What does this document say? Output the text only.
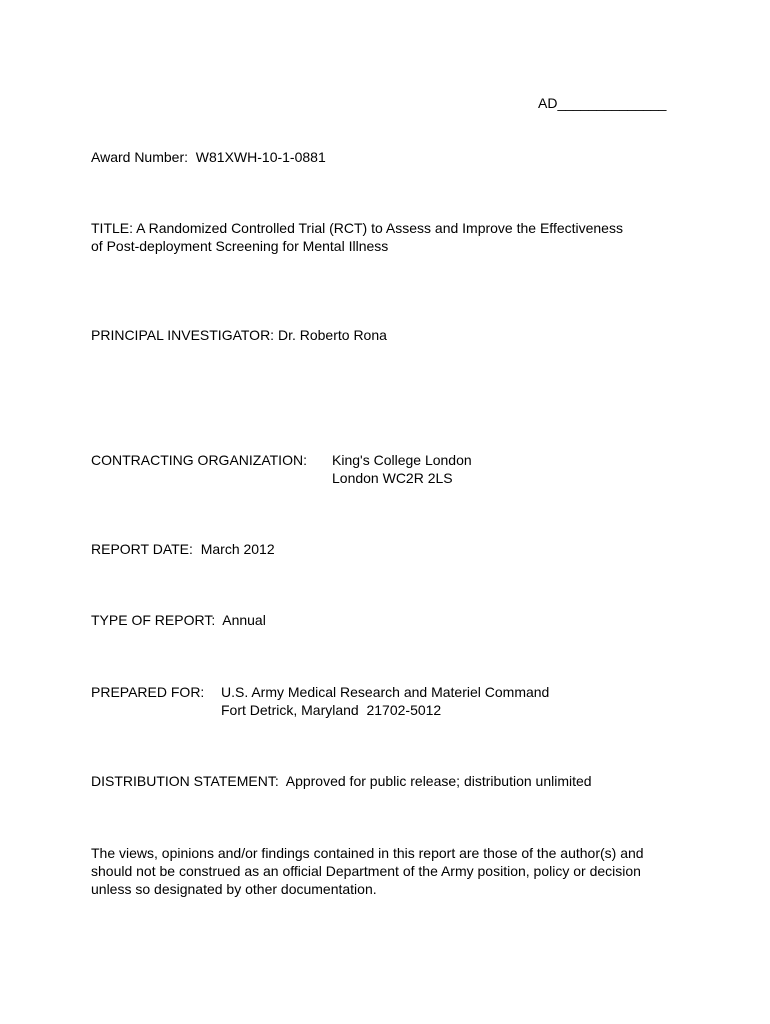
AD______________
Award Number: W81XWH-10-1-0881
TITLE: A Randomized Controlled Trial (RCT) to Assess and Improve the Effectiveness
of Post-deployment Screening for Mental Illness
PRINCIPAL INVESTIGATOR: Dr. Roberto Rona
CONTRACTING ORGANIZATION: King's College London
London WC2R 2LS
REPORT DATE: March 2012
TYPE OF REPORT: Annual
PREPARED FOR: U.S. Army Medical Research and Materiel Command
Fort Detrick, Maryland  21702-5012
DISTRIBUTION STATEMENT: Approved for public release; distribution unlimited
The views, opinions and/or findings contained in this report are those of the author(s) and
should not be construed as an official Department of the Army position, policy or decision
unless so designated by other documentation.
